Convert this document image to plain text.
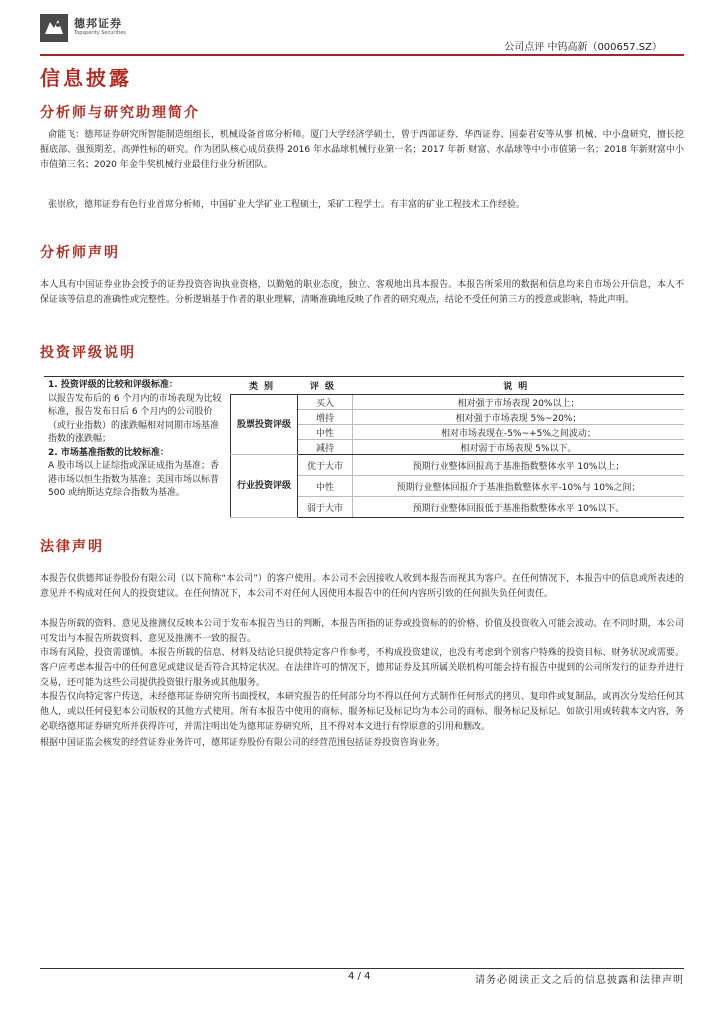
德邦证券
Topsperity Securities
公司点评 中钨高新（000657.SZ）
信息披露
分析师与研究助理简介
俞能飞：德邦证券研究所智能制造组组长，机械设备首席分析师。厦门大学经济学硕士，曾于西部证券、华西证券、国泰君安等从事 机械、中小盘研究，擅长挖掘底部、强预期差、高弹性标的研究。作为团队核心成员获得 2016 年水晶球机械行业第一名；2017 年新 财富、水晶球等中小市值第一名；2018 年新财富中小市值第三名；2020 年金牛奖机械行业最佳行业分析团队。
张崇欣，德邦证券有色行业首席分析师，中国矿业大学矿业工程硕士，采矿工程学士。有丰富的矿业工程技术工作经验。
分析师声明
本人具有中国证券业协会授予的证券投资咨询执业资格，以勤勉的职业态度，独立、客观地出具本报告。本报告所采用的数据和信息均来自市场公开信息，本人不保证该等信息的准确性或完整性。分析逻辑基于作者的职业理解，清晰准确地反映了作者的研究观点，结论不受任何第三方的授意或影响，特此声明。
投资评级说明
1. 投资评级的比较和评级标准：
以报告发布后的 6 个月内的市场表现为比较标准，报告发布日后 6 个月内的公司股价（或行业指数）的涨跌幅相对同期市场基准指数的涨跌幅；
2. 市场基准指数的比较标准：
A 股市场以上证综指或深证成指为基准；香港市场以恒生指数为基准；美国市场以标普 500 或纳斯达克综合指数为基准。
类别	评级	说明
股票投资评级	买入	相对强于市场表现 20%以上；
	增持	相对强于市场表现 5%~20%；
	中性	相对市场表现在-5%~+5%之间波动；
	减持	相对弱于市场表现 5%以下。
行业投资评级	优于大市	预期行业整体回报高于基准指数整体水平 10%以上；
	中性	预期行业整体回报介于基准指数整体水平-10%与 10%之间；
	弱于大市	预期行业整体回报低于基准指数整体水平 10%以下。
法律声明
本报告仅供德邦证券股份有限公司（以下简称“本公司”）的客户使用。本公司不会因接收人收到本报告而视其为客户。在任何情况下，本报告中的信息或所表述的意见并不构成对任何人的投资建议。在任何情况下，本公司不对任何人因使用本报告中的任何内容所引致的任何损失负任何责任。
本报告所载的资料、意见及推测仅反映本公司于发布本报告当日的判断，本报告所指的证券或投资标的的价格、价值及投资收入可能会波动。在不同时期，本公司可发出与本报告所载资料、意见及推测不一致的报告。
市场有风险，投资需谨慎。本报告所载的信息、材料及结论只提供特定客户作参考，不构成投资建议，也没有考虑到个别客户特殊的投资目标、财务状况或需要。客户应考虑本报告中的任何意见或建议是否符合其特定状况。在法律许可的情况下，德邦证券及其所属关联机构可能会持有报告中提到的公司所发行的证券并进行交易，还可能为这些公司提供投资银行服务或其他服务。
本报告仅向特定客户传送，未经德邦证券研究所书面授权，本研究报告的任何部分均不得以任何方式制作任何形式的拷贝、复印件或复制品，或再次分发给任何其他人，或以任何侵犯本公司版权的其他方式使用。所有本报告中使用的商标、服务标记及标记均为本公司的商标、服务标记及标记。如欲引用或转载本文内容，务必联络德邦证券研究所并获得许可，并需注明出处为德邦证券研究所，且不得对本文进行有悖原意的引用和删改。
根据中国证监会核发的经营证券业务许可，德邦证券股份有限公司的经营范围包括证券投资咨询业务。
4 / 4	请务必阅读正文之后的信息披露和法律声明
